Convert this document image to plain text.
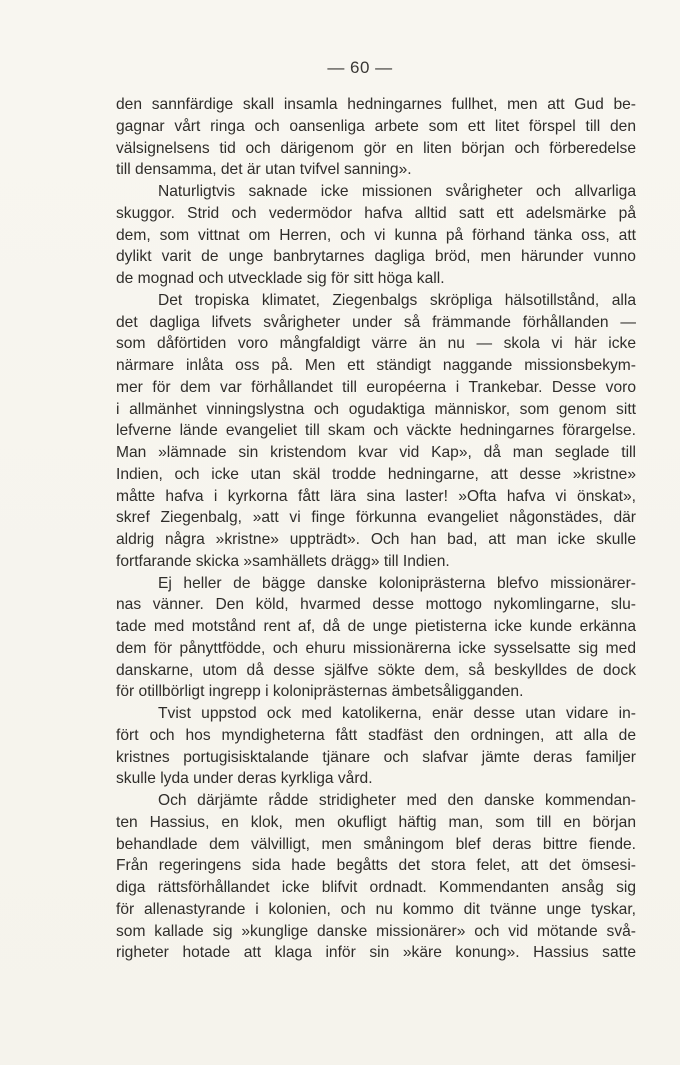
— 60 —
den sannfärdige skall insamla hedningarnes fullhet, men att Gud be-
gagnar vårt ringa och oansenliga arbete som ett litet förspel till den
välsignelsens tid och därigenom gör en liten början och förberedelse
till densamma, det är utan tvifvel sanning».
Naturligtvis saknade icke missionen svårigheter och allvarliga
skuggor. Strid och vedermödor hafva alltid satt ett adelsmärke på
dem, som vittnat om Herren, och vi kunna på förhand tänka oss, att
dylikt varit de unge banbrytarnes dagliga bröd, men härunder vunno
de mognad och utvecklade sig för sitt höga kall.
Det tropiska klimatet, Ziegenbalgs skröpliga hälsotillstånd, alla
det dagliga lifvets svårigheter under så främmande förhållanden —
som dåförtiden voro mångfaldigt värre än nu — skola vi här icke
närmare inlåta oss på. Men ett ständigt naggande missionsbekym-
mer för dem var förhållandet till européerna i Trankebar. Desse voro
i allmänhet vinningslystna och ogudaktiga människor, som genom sitt
lefverne lände evangeliet till skam och väckte hedningarnes förargelse.
Man »lämnade sin kristendom kvar vid Kap», då man seglade till
Indien, och icke utan skäl trodde hedningarne, att desse »kristne»
måtte hafva i kyrkorna fått lära sina laster! »Ofta hafva vi önskat»,
skref Ziegenbalg, »att vi finge förkunna evangeliet någonstädes, där
aldrig några »kristne» uppträdt». Och han bad, att man icke skulle
fortfarande skicka »samhällets drägg» till Indien.
Ej heller de bägge danske koloniprästerna blefvo missionärer-
nas vänner. Den köld, hvarmed desse mottogo nykomlingarne, slu-
tade med motstånd rent af, då de unge pietisterna icke kunde erkänna
dem för pånyttfödde, och ehuru missionärerna icke sysselsatte sig med
danskarne, utom då desse själfve sökte dem, så beskylldes de dock
för otillbörligt ingrepp i koloniprästernas ämbetsåligganden.
Tvist uppstod ock med katolikerna, enär desse utan vidare in-
fört och hos myndigheterna fått stadfäst den ordningen, att alla de
kristnes portugisisktalande tjänare och slafvar jämte deras familjer
skulle lyda under deras kyrkliga vård.
Och därjämte rådde stridigheter med den danske kommendan-
ten Hassius, en klok, men okufligt häftig man, som till en början
behandlade dem välvilligt, men småningom blef deras bittre fiende.
Från regeringens sida hade begåtts det stora felet, att det ömsesi-
diga rättsförhållandet icke blifvit ordnadt. Kommendanten ansåg sig
för allenastyrande i kolonien, och nu kommo dit tvänne unge tyskar,
som kallade sig »kunglige danske missionärer» och vid mötande svå-
righeter hotade att klaga inför sin »käre konung». Hassius satte
